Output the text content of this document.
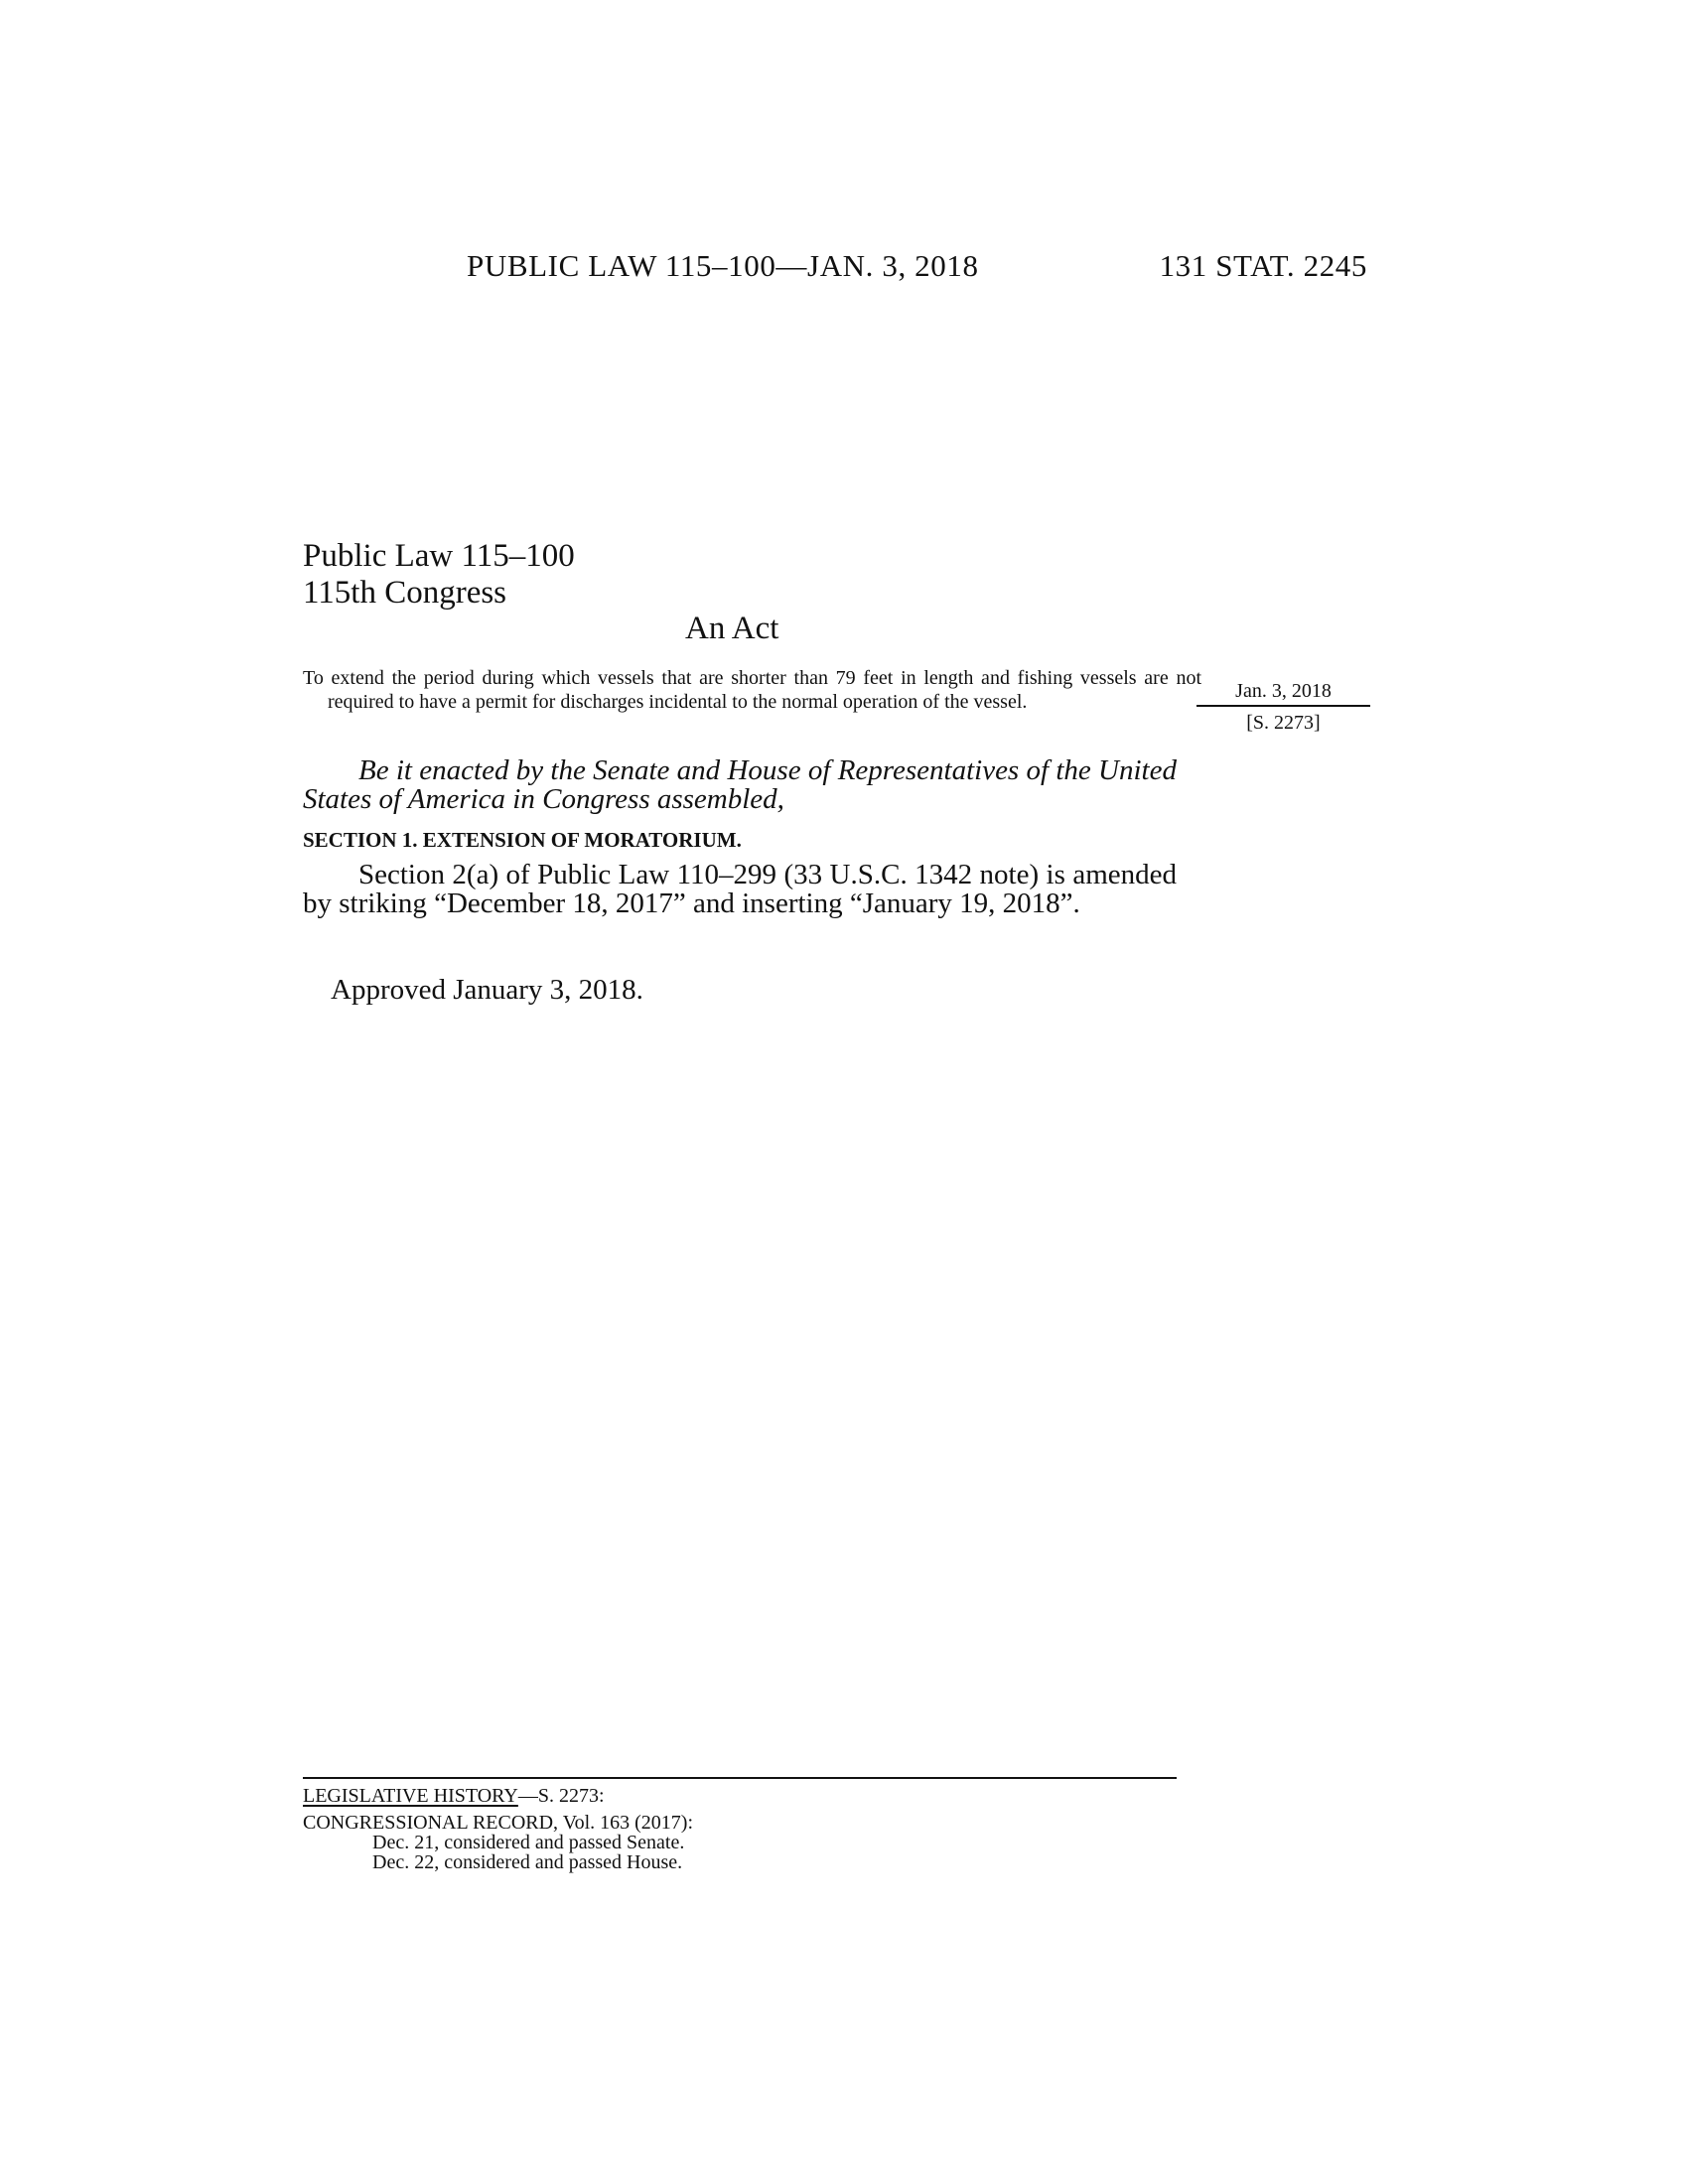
PUBLIC LAW 115–100—JAN. 3, 2018	131 STAT. 2245
Public Law 115–100
115th Congress
An Act
To extend the period during which vessels that are shorter than 79 feet in length and fishing vessels are not required to have a permit for discharges incidental to the normal operation of the vessel.	Jan. 3, 2018
[S. 2273]
Be it enacted by the Senate and House of Representatives of the United States of America in Congress assembled,
SECTION 1. EXTENSION OF MORATORIUM.
Section 2(a) of Public Law 110–299 (33 U.S.C. 1342 note) is amended by striking “December 18, 2017” and inserting “January 19, 2018”.
Approved January 3, 2018.
LEGISLATIVE HISTORY—S. 2273:
CONGRESSIONAL RECORD, Vol. 163 (2017):
Dec. 21, considered and passed Senate.
Dec. 22, considered and passed House.
